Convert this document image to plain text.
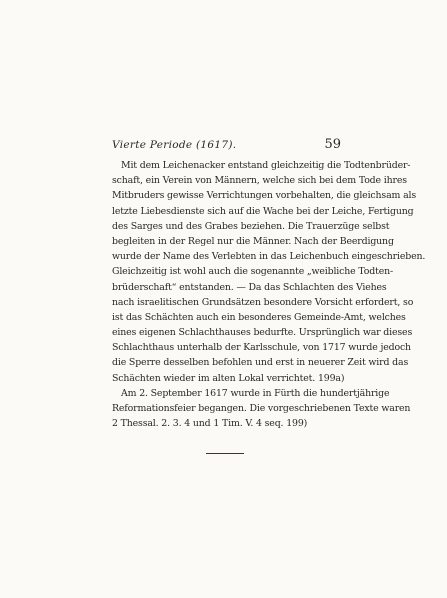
Vierte Periode (1617).	59
Mit dem Leichenacker entstand gleichzeitig die Todtenbrüder-
schaft, ein Verein von Männern, welche sich bei dem Tode ihres
Mitbruders gewisse Verrichtungen vorbehalten, die gleichsam als
letzte Liebesdienste sich auf die Wache bei der Leiche, Fertigung
des Sarges und des Grabes beziehen. Die Trauerzüge selbst
begleiten in der Regel nur die Männer. Nach der Beerdigung
wurde der Name des Verlebten in das Leichenbuch eingeschrieben.
Gleichzeitig ist wohl auch die sogenannte „weibliche Todten-
brüderschaft“ entstanden. — Da das Schlachten des Viehes
nach israelitischen Grundsätzen besondere Vorsicht erfordert, so
ist das Schächten auch ein besonderes Gemeinde-Amt, welches
eines eigenen Schlachthauses bedurfte. Ursprünglich war dieses
Schlachthaus unterhalb der Karlsschule, von 1717 wurde jedoch
die Sperre desselben befohlen und erst in neuerer Zeit wird das
Schächten wieder im alten Lokal verrichtet. 199a)
Am 2. September 1617 wurde in Fürth die hundertjährige
Reformationsfeier begangen. Die vorgeschriebenen Texte waren
2 Thessal. 2. 3. 4 und 1 Tim. V. 4 seq. 199)
